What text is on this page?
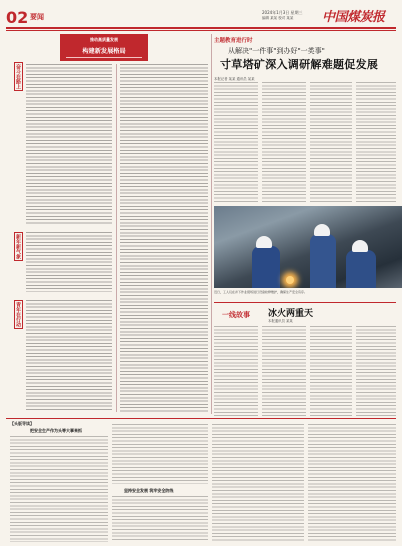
02 要闻
2024年1月3日 星期三
编辑 某某 校对 某某 中国煤炭报
推动高质量发展
构建新发展格局
奋斗在路上
新年新气象
青年在行动
主题教育进行时
从解决"一件事"到办好"一类事"
寸草塔矿深入调研解难题促发展
本报记者 某某 通讯员 某某
近日，工人们在井下作业现场进行设备检修维护，确保生产安全有序。
一线故事 冰火两重天
本报通讯员 某某
【头版导读】
把安全生产作为头等大事来抓
坚持安全发展 筑牢安全防线
